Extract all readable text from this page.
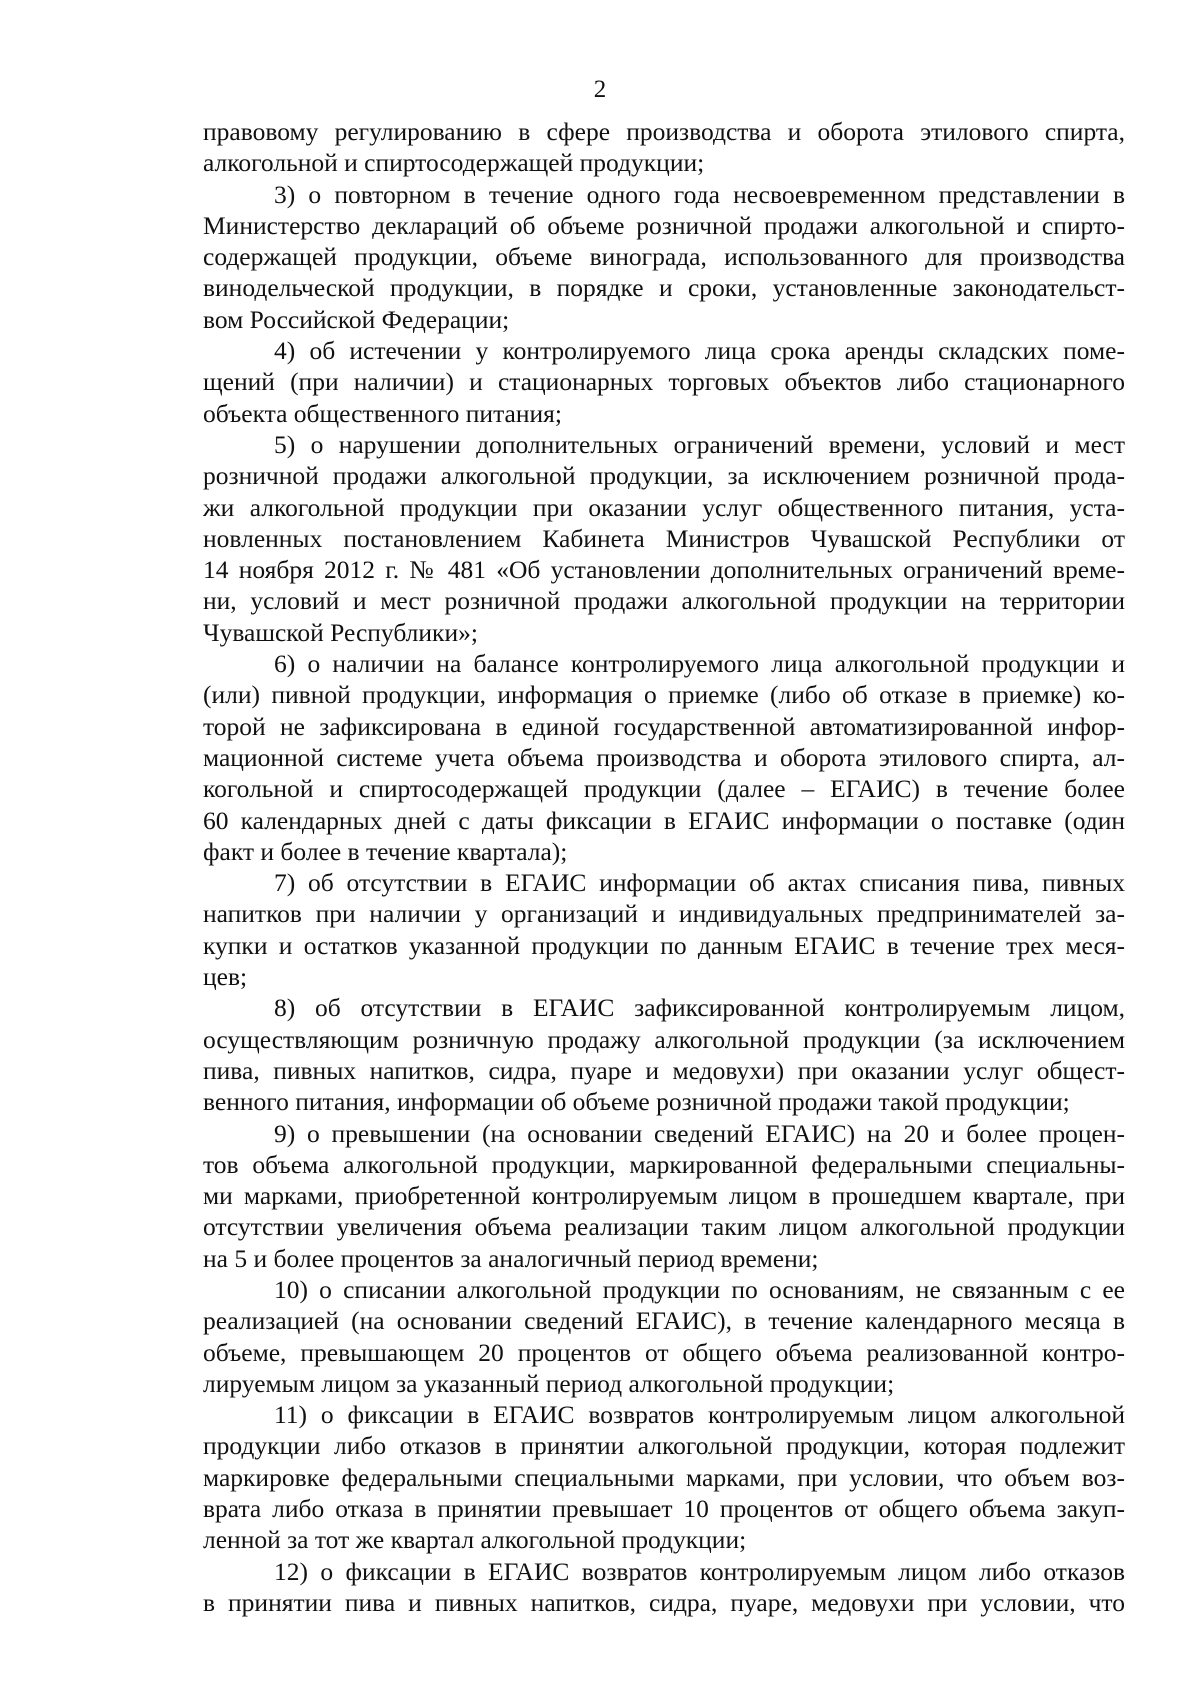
2
правовому регулированию в сфере производства и оборота этилового спирта,
алкогольной и спиртосодержащей продукции;
3) о повторном в течение одного года несвоевременном представлении в
Министерство деклараций об объеме розничной продажи алкогольной и спирто-
содержащей продукции, объеме винограда, использованного для производства
винодельческой продукции, в порядке и сроки, установленные законодательст-
вом Российской Федерации;
4) об истечении у контролируемого лица срока аренды складских поме-
щений (при наличии) и стационарных торговых объектов либо стационарного
объекта общественного питания;
5) о нарушении дополнительных ограничений времени, условий и мест
розничной продажи алкогольной продукции, за исключением розничной прода-
жи алкогольной продукции при оказании услуг общественного питания, уста-
новленных постановлением Кабинета Министров Чувашской Республики от
14 ноября 2012 г. № 481 «Об установлении дополнительных ограничений време-
ни, условий и мест розничной продажи алкогольной продукции на территории
Чувашской Республики»;
6) о наличии на балансе контролируемого лица алкогольной продукции и
(или) пивной продукции, информация о приемке (либо об отказе в приемке) ко-
торой не зафиксирована в единой государственной автоматизированной инфор-
мационной системе учета объема производства и оборота этилового спирта, ал-
когольной и спиртосодержащей продукции (далее – ЕГАИС) в течение более
60 календарных дней с даты фиксации в ЕГАИС информации о поставке (один
факт и более в течение квартала);
7) об отсутствии в ЕГАИС информации об актах списания пива, пивных
напитков при наличии у организаций и индивидуальных предпринимателей за-
купки и остатков указанной продукции по данным ЕГАИС в течение трех меся-
цев;
8) об отсутствии в ЕГАИС зафиксированной контролируемым лицом,
осуществляющим розничную продажу алкогольной продукции (за исключением
пива, пивных напитков, сидра, пуаре и медовухи) при оказании услуг общест-
венного питания, информации об объеме розничной продажи такой продукции;
9) о превышении (на основании сведений ЕГАИС) на 20 и более процен-
тов объема алкогольной продукции, маркированной федеральными специальны-
ми марками, приобретенной контролируемым лицом в прошедшем квартале, при
отсутствии увеличения объема реализации таким лицом алкогольной продукции
на 5 и более процентов за аналогичный период времени;
10) о списании алкогольной продукции по основаниям, не связанным с ее
реализацией (на основании сведений ЕГАИС), в течение календарного месяца в
объеме, превышающем 20 процентов от общего объема реализованной контро-
лируемым лицом за указанный период алкогольной продукции;
11) о фиксации в ЕГАИС возвратов контролируемым лицом алкогольной
продукции либо отказов в принятии алкогольной продукции, которая подлежит
маркировке федеральными специальными марками, при условии, что объем воз-
врата либо отказа в принятии превышает 10 процентов от общего объема закуп-
ленной за тот же квартал алкогольной продукции;
12) о фиксации в ЕГАИС возвратов контролируемым лицом либо отказов
в принятии пива и пивных напитков, сидра, пуаре, медовухи при условии, что
